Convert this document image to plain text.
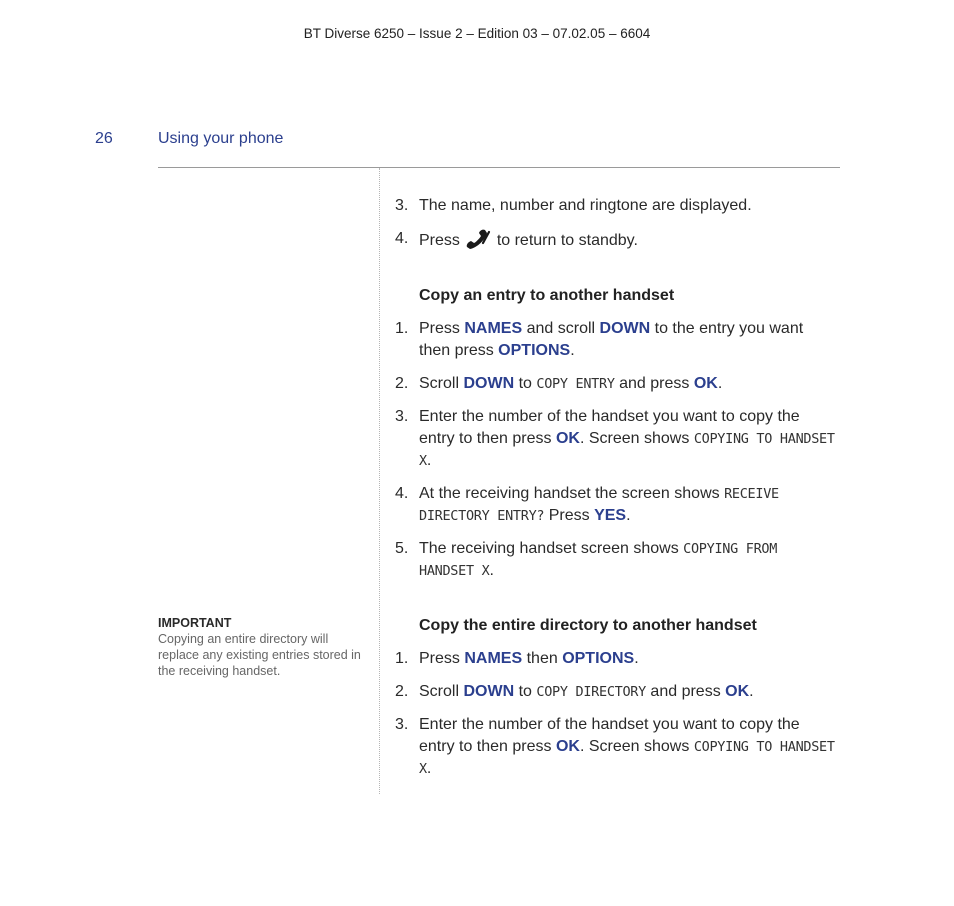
BT Diverse 6250 – Issue 2 – Edition 03 – 07.02.05 – 6604
26	Using your phone
IMPORTANT
Copying an entire directory will replace any existing entries stored in the receiving handset.
3. The name, number and ringtone are displayed.
4. Press to return to standby.
Copy an entry to another handset
1. Press NAMES and scroll DOWN to the entry you want then press OPTIONS.
2. Scroll DOWN to COPY ENTRY and press OK.
3. Enter the number of the handset you want to copy the entry to then press OK. Screen shows COPYING TO HANDSET X.
4. At the receiving handset the screen shows RECEIVE DIRECTORY ENTRY? Press YES.
5. The receiving handset screen shows COPYING FROM HANDSET X.
Copy the entire directory to another handset
1. Press NAMES then OPTIONS.
2. Scroll DOWN to COPY DIRECTORY and press OK.
3. Enter the number of the handset you want to copy the entry to then press OK. Screen shows COPYING TO HANDSET X.
